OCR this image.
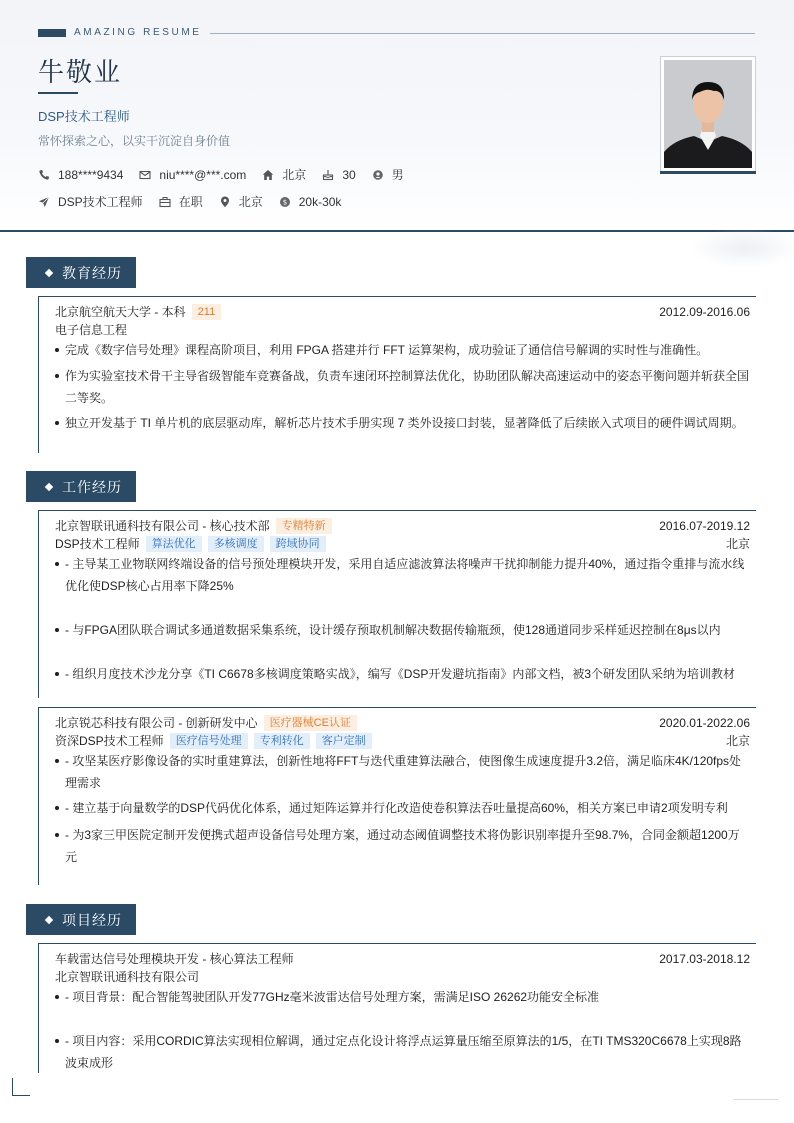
AMAZING RESUME
牛敬业
DSP技术工程师
常怀探索之心，以实干沉淀自身价值
188****9434	niu****@***.com	北京	30	男
DSP技术工程师	在职	北京	$ 20k-30k
教育经历
北京航空航天大学 - 本科	211	2012.09-2016.06
电子信息工程
完成《数字信号处理》课程高阶项目，利用 FPGA 搭建并行 FFT 运算架构，成功验证了通信信号解调的实时性与准确性。
作为实验室技术骨干主导省级智能车竞赛备战，负责车速闭环控制算法优化，协助团队解决高速运动中的姿态平衡问题并斩获全国二等奖。
独立开发基于 TI 单片机的底层驱动库，解析芯片技术手册实现 7 类外设接口封装，显著降低了后续嵌入式项目的硬件调试周期。
工作经历
北京智联讯通科技有限公司 - 核心技术部	专精特新	2016.07-2019.12
DSP技术工程师	算法优化	多核调度	跨域协同	北京
- 主导某工业物联网终端设备的信号预处理模块开发，采用自适应滤波算法将噪声干扰抑制能力提升40%，通过指令重排与流水线优化使DSP核心占用率下降25%
- 与FPGA团队联合调试多通道数据采集系统，设计缓存预取机制解决数据传输瓶颈，使128通道同步采样延迟控制在8μs以内
- 组织月度技术沙龙分享《TI C6678多核调度策略实战》，编写《DSP开发避坑指南》内部文档，被3个研发团队采纳为培训教材
北京锐芯科技有限公司 - 创新研发中心	医疗器械CE认证	2020.01-2022.06
资深DSP技术工程师	医疗信号处理	专利转化	客户定制	北京
- 攻坚某医疗影像设备的实时重建算法，创新性地将FFT与迭代重建算法融合，使图像生成速度提升3.2倍，满足临床4K/120fps处理需求
- 建立基于向量数学的DSP代码优化体系，通过矩阵运算并行化改造使卷积算法吞吐量提高60%，相关方案已申请2项发明专利
- 为3家三甲医院定制开发便携式超声设备信号处理方案，通过动态阈值调整技术将伪影识别率提升至98.7%，合同金额超1200万元
项目经历
车载雷达信号处理模块开发 - 核心算法工程师	2017.03-2018.12
北京智联讯通科技有限公司
- 项目背景：配合智能驾驶团队开发77GHz毫米波雷达信号处理方案，需满足ISO 26262功能安全标准
- 项目内容：采用CORDIC算法实现相位解调，通过定点化设计将浮点运算量压缩至原算法的1/5，在TI TMS320C6678上实现8路波束成形
